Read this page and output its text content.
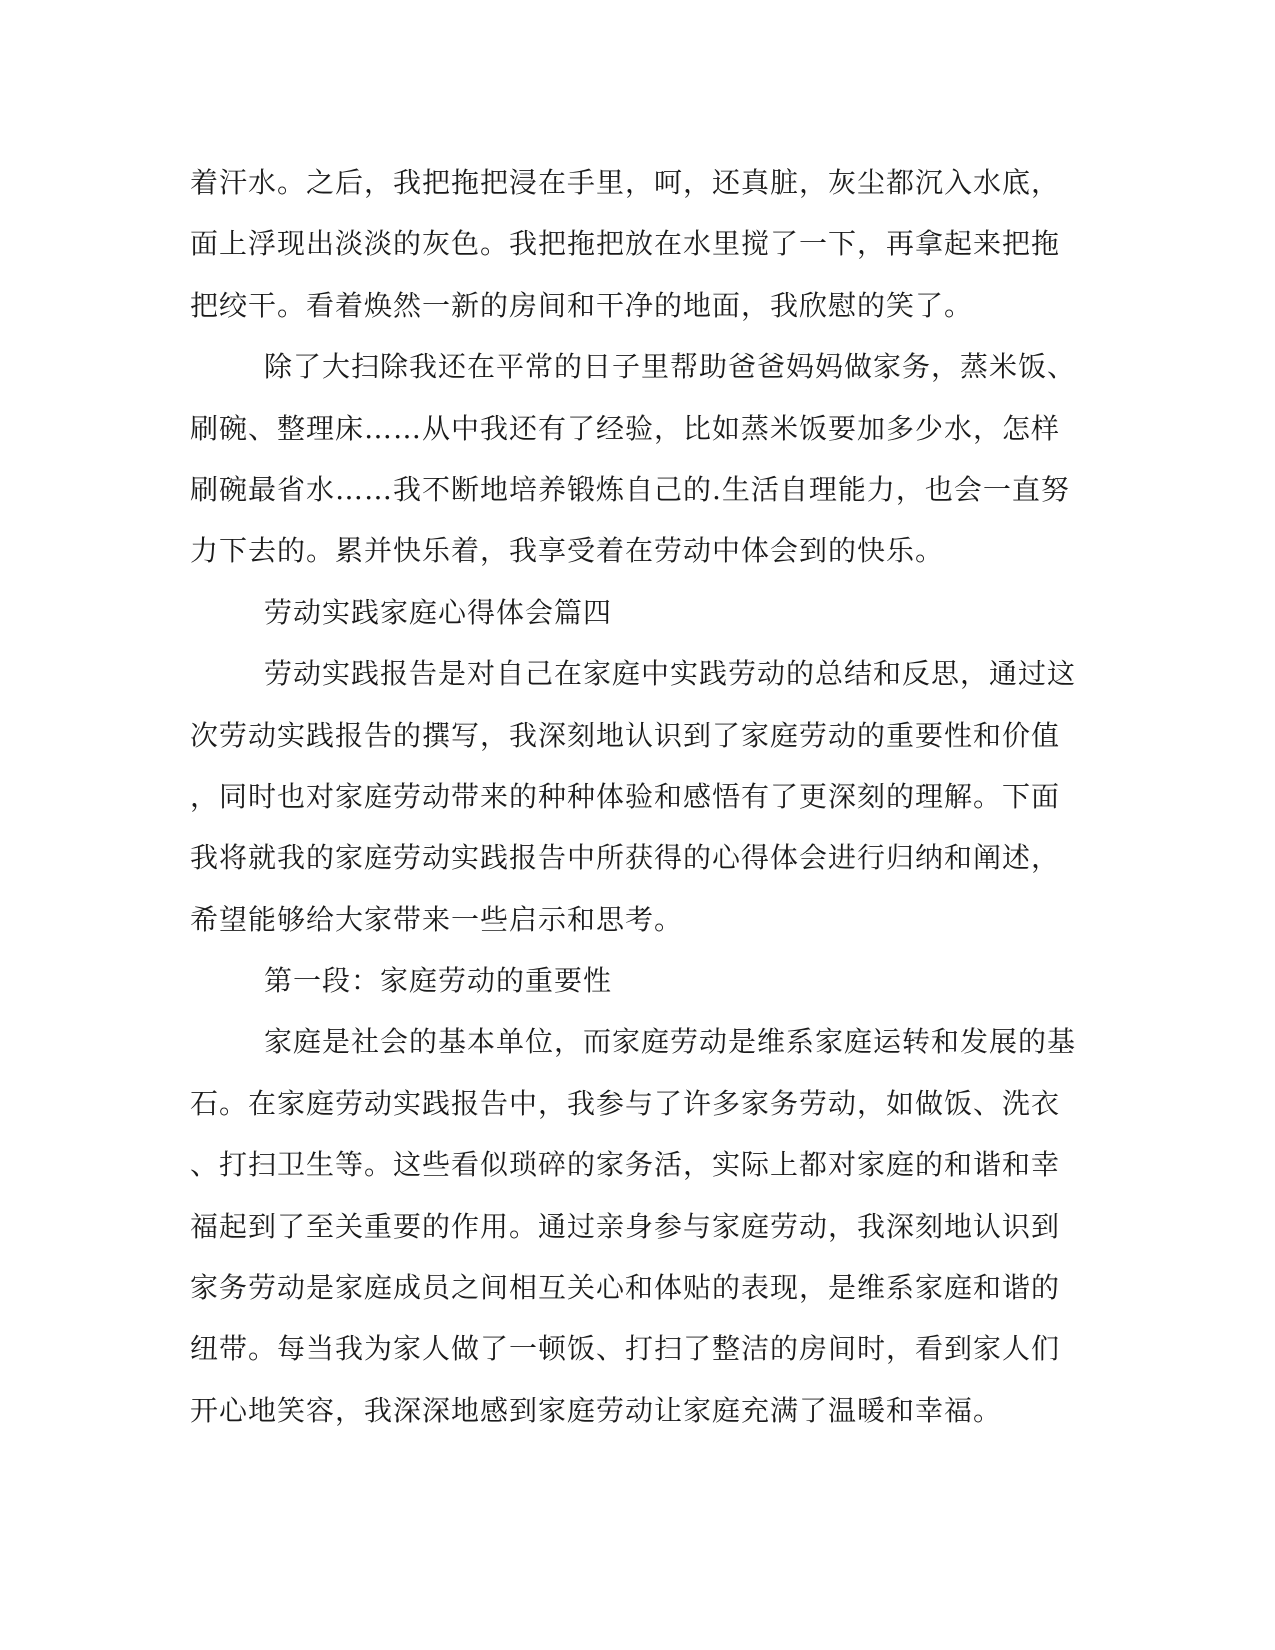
着汗水。之后，我把拖把浸在手里，呵，还真脏，灰尘都沉入水底，
面上浮现出淡淡的灰色。我把拖把放在水里搅了一下，再拿起来把拖
把绞干。看着焕然一新的房间和干净的地面，我欣慰的笑了。
除了大扫除我还在平常的日子里帮助爸爸妈妈做家务，蒸米饭、
刷碗、整理床……从中我还有了经验，比如蒸米饭要加多少水，怎样
刷碗最省水……我不断地培养锻炼自己的.生活自理能力，也会一直努
力下去的。累并快乐着，我享受着在劳动中体会到的快乐。
劳动实践家庭心得体会篇四
劳动实践报告是对自己在家庭中实践劳动的总结和反思，通过这
次劳动实践报告的撰写，我深刻地认识到了家庭劳动的重要性和价值
，同时也对家庭劳动带来的种种体验和感悟有了更深刻的理解。下面
我将就我的家庭劳动实践报告中所获得的心得体会进行归纳和阐述，
希望能够给大家带来一些启示和思考。
第一段：家庭劳动的重要性
家庭是社会的基本单位，而家庭劳动是维系家庭运转和发展的基
石。在家庭劳动实践报告中，我参与了许多家务劳动，如做饭、洗衣
、打扫卫生等。这些看似琐碎的家务活，实际上都对家庭的和谐和幸
福起到了至关重要的作用。通过亲身参与家庭劳动，我深刻地认识到
家务劳动是家庭成员之间相互关心和体贴的表现，是维系家庭和谐的
纽带。每当我为家人做了一顿饭、打扫了整洁的房间时，看到家人们
开心地笑容，我深深地感到家庭劳动让家庭充满了温暖和幸福。
